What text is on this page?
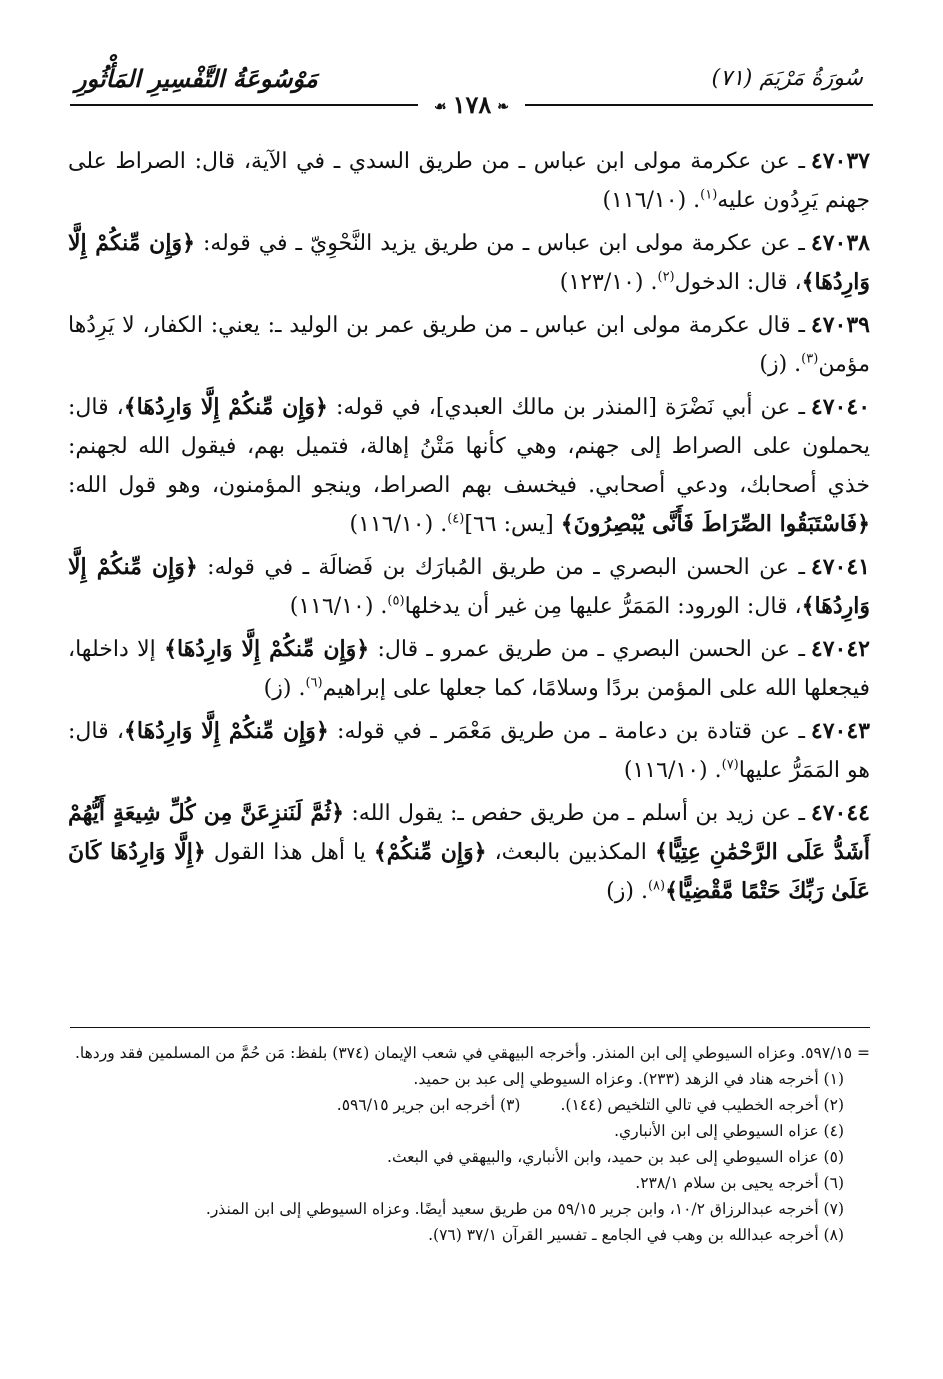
سُورَةُ مَرْيَمَ (٧١)
مَوْسُوعَةُ التَّفْسِيرِ المَأْثُورِ
❧١٧٨☙

٤٧٠٣٧ـ عن عكرمة مولى ابن عباس ـ من طريق السدي ـ في الآية، قال: الصراط على جهنم يَرِدُون عليه$^{(١)}$. (١١٦/١٠)

٤٧٠٣٨ـ عن عكرمة مولى ابن عباس ـ من طريق يزيد النَّحْوِيّ ـ في قوله: ﴿وَإِن مِّنكُمْ إِلَّا وَارِدُهَا﴾، قال: الدخول$^{(٢)}$. (١٢٣/١٠)

٤٧٠٣٩ـ قال عكرمة مولى ابن عباس ـ من طريق عمر بن الوليد ـ: يعني: الكفار، لا يَرِدُها مؤمن$^{(٣)}$. (ز)

٤٧٠٤٠ـ عن أبي نَضْرَة [المنذر بن مالك العبدي]، في قوله: ﴿وَإِن مِّنكُمْ إِلَّا وَارِدُهَا﴾، قال: يحملون على الصراط إلى جهنم، وهي كأنها مَتْنُ إهالة، فتميل بهم، فيقول الله لجهنم: خذي أصحابك، ودعي أصحابي. فيخسف بهم الصراط، وينجو المؤمنون، وهو قول الله: ﴿فَاسْتَبَقُوا الصِّرَاطَ فَأَنَّى يُبْصِرُونَ﴾ [يس: ٦٦]$^{(٤)}$. (١١٦/١٠)

٤٧٠٤١ـ عن الحسن البصري ـ من طريق المُبارَك بن فَضالَة ـ في قوله: ﴿وَإِن مِّنكُمْ إِلَّا وَارِدُهَا﴾، قال: الورود: المَمَرُّ عليها مِن غير أن يدخلها$^{(٥)}$. (١١٦/١٠)

٤٧٠٤٢ـ عن الحسن البصري ـ من طريق عمرو ـ قال: ﴿وَإِن مِّنكُمْ إِلَّا وَارِدُهَا﴾ إلا داخلها، فيجعلها الله على المؤمن بردًا وسلامًا، كما جعلها على إبراهيم$^{(٦)}$. (ز)

٤٧٠٤٣ـ عن قتادة بن دعامة ـ من طريق مَعْمَر ـ في قوله: ﴿وَإِن مِّنكُمْ إِلَّا وَارِدُهَا﴾، قال: هو المَمَرُّ عليها$^{(٧)}$. (١١٦/١٠)

٤٧٠٤٤ـ عن زيد بن أسلم ـ من طريق حفص ـ: يقول الله: ﴿ثُمَّ لَنَنزِعَنَّ مِن كُلِّ شِيعَةٍ أَيُّهُمْ أَشَدُّ عَلَى الرَّحْمَٰنِ عِتِيًّا﴾ المكذبين بالبعث، ﴿وَإِن مِّنكُمْ﴾ يا أهل هذا القول ﴿إِلَّا وَارِدُهَا كَانَ عَلَىٰ رَبِّكَ حَتْمًا مَّقْضِيًّا﴾$^{(٨)}$. (ز)

= ٥٩٧/١٥. وعزاه السيوطي إلى ابن المنذر. وأخرجه البيهقي في شعب الإيمان (٣٧٤) بلفظ: مَن حُمَّ من المسلمين فقد وردها.

(١) أخرجه هناد في الزهد (٢٣٣). وعزاه السيوطي إلى عبد بن حميد.

(٢) أخرجه الخطيب في تالي التلخيص (١٤٤).
(٣) أخرجه ابن جرير ٥٩٦/١٥.

(٤) عزاه السيوطي إلى ابن الأنباري.

(٥) عزاه السيوطي إلى عبد بن حميد، وابن الأنباري، والبيهقي في البعث.

(٦) أخرجه يحيى بن سلام ٢٣٨/١.

(٧) أخرجه عبدالرزاق ١٠/٢، وابن جرير ٥٩/١٥ من طريق سعيد أيضًا. وعزاه السيوطي إلى ابن المنذر.

(٨) أخرجه عبدالله بن وهب في الجامع ـ تفسير القرآن ٣٧/١ (٧٦).
